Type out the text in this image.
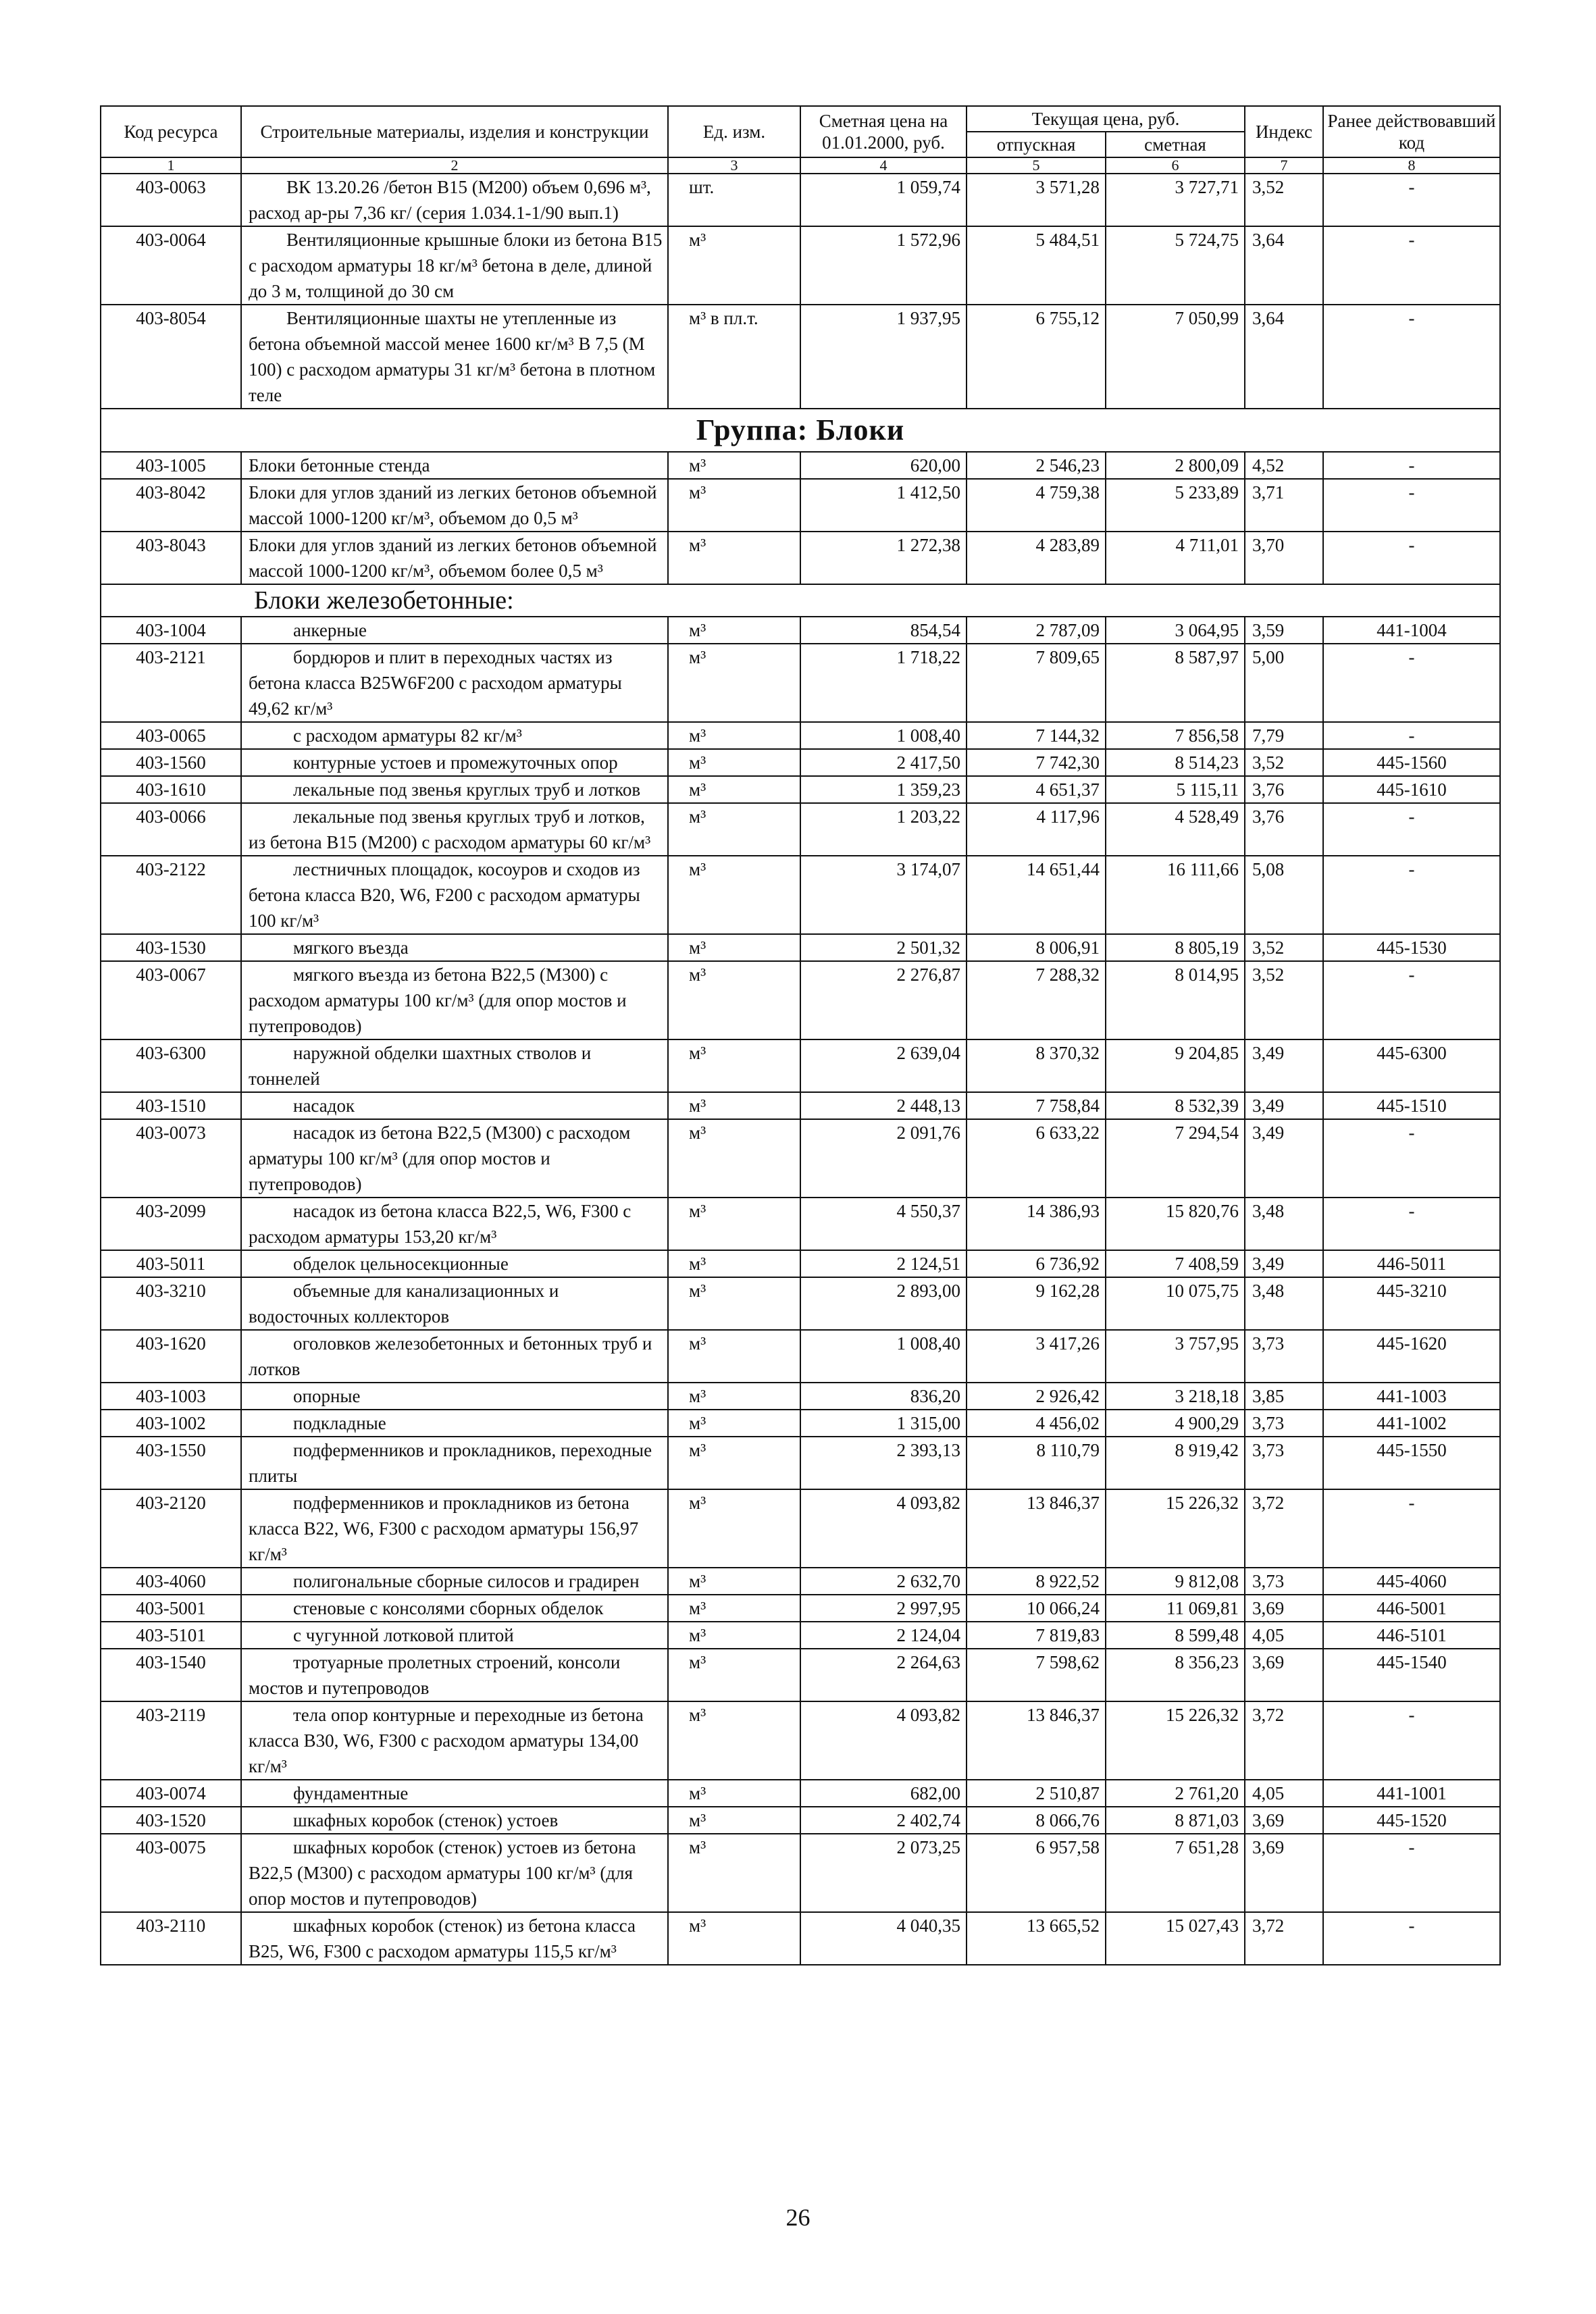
Код ресурса	Строительные материалы, изделия и конструкции	Ед. изм.	Сметная цена на 01.01.2000, руб.	Текущая цена, руб.		Индекс	Ранее действовавший код
				отпускная	сметная		
1	2	3	4	5	6	7	8
403-0063	ВК 13.20.26 /бетон В15 (М200) объем 0,696 м³, расход ар-ры 7,36 кг/ (серия 1.034.1-1/90 вып.1)	шт.	1 059,74	3 571,28	3 727,71	3,52	-
403-0064	Вентиляционные крышные блоки из бетона В15 с расходом арматуры 18 кг/м³ бетона в деле, длиной до 3 м, толщиной до 30 см	м³	1 572,96	5 484,51	5 724,75	3,64	-
403-8054	Вентиляционные шахты не утепленные из бетона объемной массой менее 1600 кг/м³ В 7,5 (М 100) с расходом арматуры 31 кг/м³ бетона в плотном теле	м³ в пл.т.	1 937,95	6 755,12	7 050,99	3,64	-
Группа: Блоки							
403-1005	Блоки бетонные стенда	м³	620,00	2 546,23	2 800,09	4,52	-
403-8042	Блоки для углов зданий из легких бетонов объемной массой 1000-1200 кг/м³, объемом до 0,5 м³	м³	1 412,50	4 759,38	5 233,89	3,71	-
403-8043	Блоки для углов зданий из легких бетонов объемной массой 1000-1200 кг/м³, объемом более 0,5 м³	м³	1 272,38	4 283,89	4 711,01	3,70	-
Блоки железобетонные:							
403-1004	анкерные	м³	854,54	2 787,09	3 064,95	3,59	441-1004
403-2121	бордюров и плит в переходных частях из бетона класса B25W6F200 с расходом арматуры 49,62 кг/м³	м³	1 718,22	7 809,65	8 587,97	5,00	-
403-0065	с расходом арматуры 82 кг/м³	м³	1 008,40	7 144,32	7 856,58	7,79	-
403-1560	контурные устоев и промежуточных опор	м³	2 417,50	7 742,30	8 514,23	3,52	445-1560
403-1610	лекальные под звенья круглых труб и лотков	м³	1 359,23	4 651,37	5 115,11	3,76	445-1610
403-0066	лекальные под звенья круглых труб и лотков, из бетона В15 (М200) с расходом арматуры 60 кг/м³	м³	1 203,22	4 117,96	4 528,49	3,76	-
403-2122	лестничных площадок, косоуров и сходов из бетона класса В20, W6, F200 с расходом арматуры 100 кг/м³	м³	3 174,07	14 651,44	16 111,66	5,08	-
403-1530	мягкого въезда	м³	2 501,32	8 006,91	8 805,19	3,52	445-1530
403-0067	мягкого въезда из бетона В22,5 (М300) с расходом арматуры 100 кг/м³ (для опор мостов и путепроводов)	м³	2 276,87	7 288,32	8 014,95	3,52	-
403-6300	наружной обделки шахтных стволов и тоннелей	м³	2 639,04	8 370,32	9 204,85	3,49	445-6300
403-1510	насадок	м³	2 448,13	7 758,84	8 532,39	3,49	445-1510
403-0073	насадок из бетона В22,5 (М300) с расходом арматуры 100 кг/м³ (для опор мостов и путепроводов)	м³	2 091,76	6 633,22	7 294,54	3,49	-
403-2099	насадок из бетона класса В22,5, W6, F300 с расходом арматуры 153,20 кг/м³	м³	4 550,37	14 386,93	15 820,76	3,48	-
403-5011	обделок цельносекционные	м³	2 124,51	6 736,92	7 408,59	3,49	446-5011
403-3210	объемные для канализационных и водосточных коллекторов	м³	2 893,00	9 162,28	10 075,75	3,48	445-3210
403-1620	оголовков железобетонных и бетонных труб и лотков	м³	1 008,40	3 417,26	3 757,95	3,73	445-1620
403-1003	опорные	м³	836,20	2 926,42	3 218,18	3,85	441-1003
403-1002	подкладные	м³	1 315,00	4 456,02	4 900,29	3,73	441-1002
403-1550	подферменников и прокладников, переходные плиты	м³	2 393,13	8 110,79	8 919,42	3,73	445-1550
403-2120	подферменников и прокладников из бетона класса В22, W6, F300 с расходом арматуры 156,97 кг/м³	м³	4 093,82	13 846,37	15 226,32	3,72	-
403-4060	полигональные сборные силосов и градирен	м³	2 632,70	8 922,52	9 812,08	3,73	445-4060
403-5001	стеновые с консолями сборных обделок	м³	2 997,95	10 066,24	11 069,81	3,69	446-5001
403-5101	с чугунной лотковой плитой	м³	2 124,04	7 819,83	8 599,48	4,05	446-5101
403-1540	тротуарные пролетных строений, консоли мостов и путепроводов	м³	2 264,63	7 598,62	8 356,23	3,69	445-1540
403-2119	тела опор контурные и переходные из бетона класса В30, W6, F300 с расходом арматуры 134,00 кг/м³	м³	4 093,82	13 846,37	15 226,32	3,72	-
403-0074	фундаментные	м³	682,00	2 510,87	2 761,20	4,05	441-1001
403-1520	шкафных коробок (стенок) устоев	м³	2 402,74	8 066,76	8 871,03	3,69	445-1520
403-0075	шкафных коробок (стенок) устоев из бетона В22,5 (М300) с расходом арматуры 100 кг/м³ (для опор мостов и путепроводов)	м³	2 073,25	6 957,58	7 651,28	3,69	-
403-2110	шкафных коробок (стенок) из бетона класса В25, W6, F300 с расходом арматуры 115,5 кг/м³	м³	4 040,35	13 665,52	15 027,43	3,72	-
26
